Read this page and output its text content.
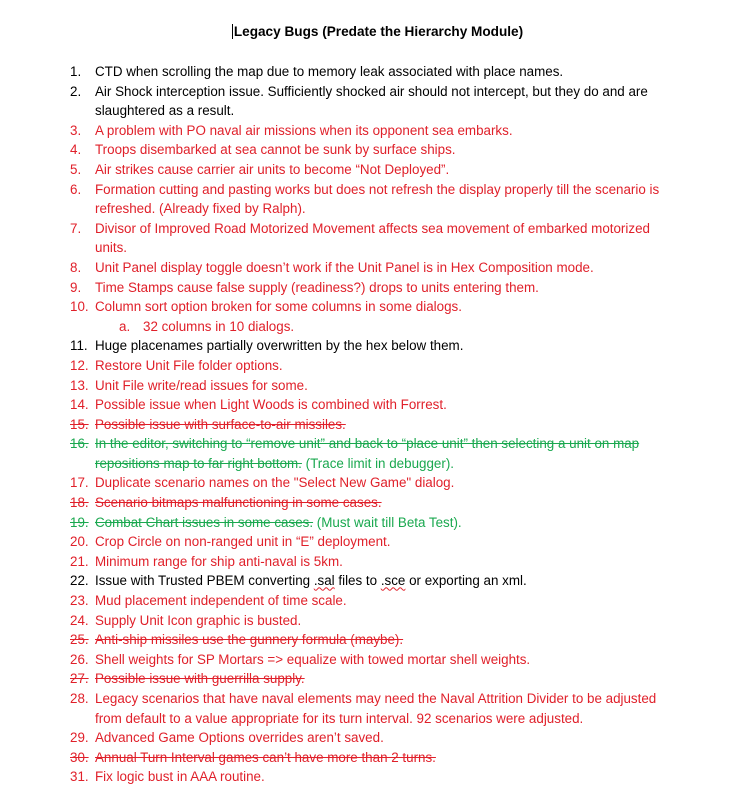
Legacy Bugs (Predate the Hierarchy Module)
1. CTD when scrolling the map due to memory leak associated with place names.
2. Air Shock interception issue. Sufficiently shocked air should not intercept, but they do and are slaughtered as a result.
3. A problem with PO naval air missions when its opponent sea embarks.
4. Troops disembarked at sea cannot be sunk by surface ships.
5. Air strikes cause carrier air units to become “Not Deployed”.
6. Formation cutting and pasting works but does not refresh the display properly till the scenario is refreshed. (Already fixed by Ralph).
7. Divisor of Improved Road Motorized Movement affects sea movement of embarked motorized units.
8. Unit Panel display toggle doesn’t work if the Unit Panel is in Hex Composition mode.
9. Time Stamps cause false supply (readiness?) drops to units entering them.
10. Column sort option broken for some columns in some dialogs.
a. 32 columns in 10 dialogs.
11. Huge placenames partially overwritten by the hex below them.
12. Restore Unit File folder options.
13. Unit File write/read issues for some.
14. Possible issue when Light Woods is combined with Forrest.
15. Possible issue with surface-to-air missiles.
16. In the editor, switching to “remove unit” and back to “place unit” then selecting a unit on map repositions map to far right bottom. (Trace limit in debugger).
17. Duplicate scenario names on the "Select New Game" dialog.
18. Scenario bitmaps malfunctioning in some cases.
19. Combat Chart issues in some cases. (Must wait till Beta Test).
20. Crop Circle on non-ranged unit in “E” deployment.
21. Minimum range for ship anti-naval is 5km.
22. Issue with Trusted PBEM converting .sal files to .sce or exporting an xml.
23. Mud placement independent of time scale.
24. Supply Unit Icon graphic is busted.
25. Anti-ship missiles use the gunnery formula (maybe).
26. Shell weights for SP Mortars => equalize with towed mortar shell weights.
27. Possible issue with guerrilla supply.
28. Legacy scenarios that have naval elements may need the Naval Attrition Divider to be adjusted from default to a value appropriate for its turn interval. 92 scenarios were adjusted.
29. Advanced Game Options overrides aren’t saved.
30. Annual Turn Interval games can’t have more than 2 turns.
31. Fix logic bust in AAA routine.
